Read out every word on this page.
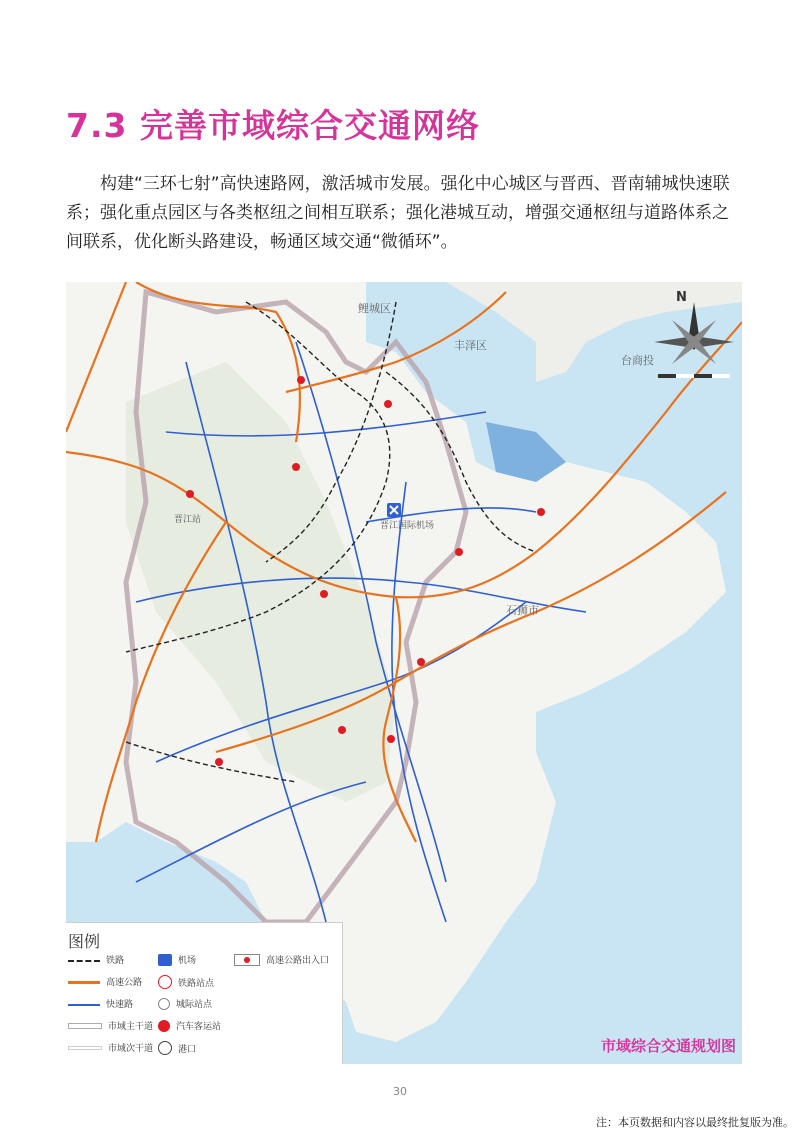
7.3 完善市域综合交通网络
构建“三环七射”高快速路网，激活城市发展。强化中心城区与晋西、晋南辅城快速联系；强化重点园区与各类枢纽之间相互联系；强化港城互动，增强交通枢纽与道路体系之间联系，优化断头路建设，畅通区域交通“微循环”。
N
鲤城区
丰泽区
台商投
石狮市
晋江站
晋江国际机场
图例
铁路
高速公路
快速路
市域主干道
市域次干道
机场
铁路站点
城际站点
汽车客运站
港口
高速公路出入口
市域综合交通规划图
30
注：本页数据和内容以最终批复版为准。
